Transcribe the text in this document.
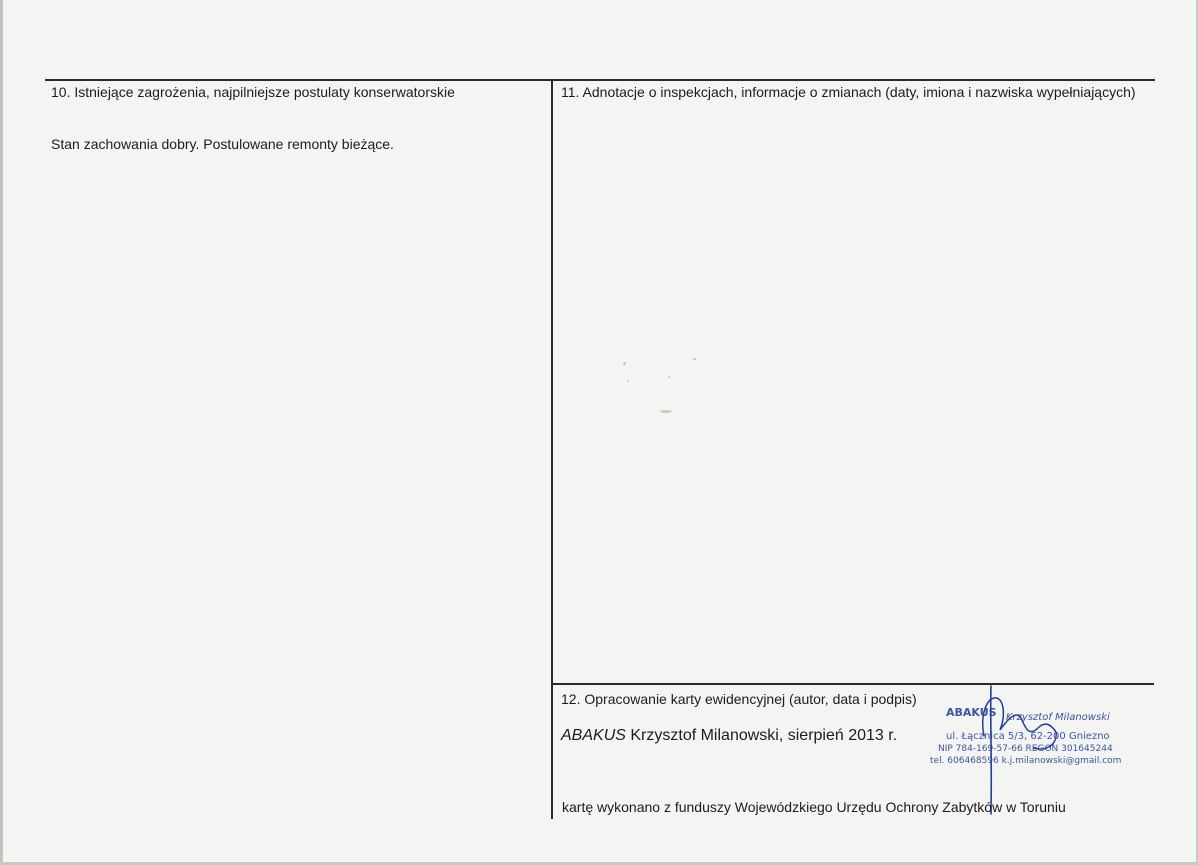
10. Istniejące zagrożenia, najpilniejsze postulaty konserwatorskie
Stan zachowania dobry. Postulowane remonty bieżące.
11. Adnotacje o inspekcjach, informacje o zmianach (daty, imiona i nazwiska wypełniających)
12. Opracowanie karty ewidencyjnej (autor, data i podpis)
ABAKUS Krzysztof Milanowski, sierpień 2013 r.
ABAKUS Krzysztof Milanowski
ul. Łącznica 5/3, 62-200 Gniezno
NIP 784-169-57-66 REGON 301645244
tel. 606468596 k.j.milanowski@gmail.com
kartę wykonano z funduszy Wojewódzkiego Urzędu Ochrony Zabytków w Toruniu
